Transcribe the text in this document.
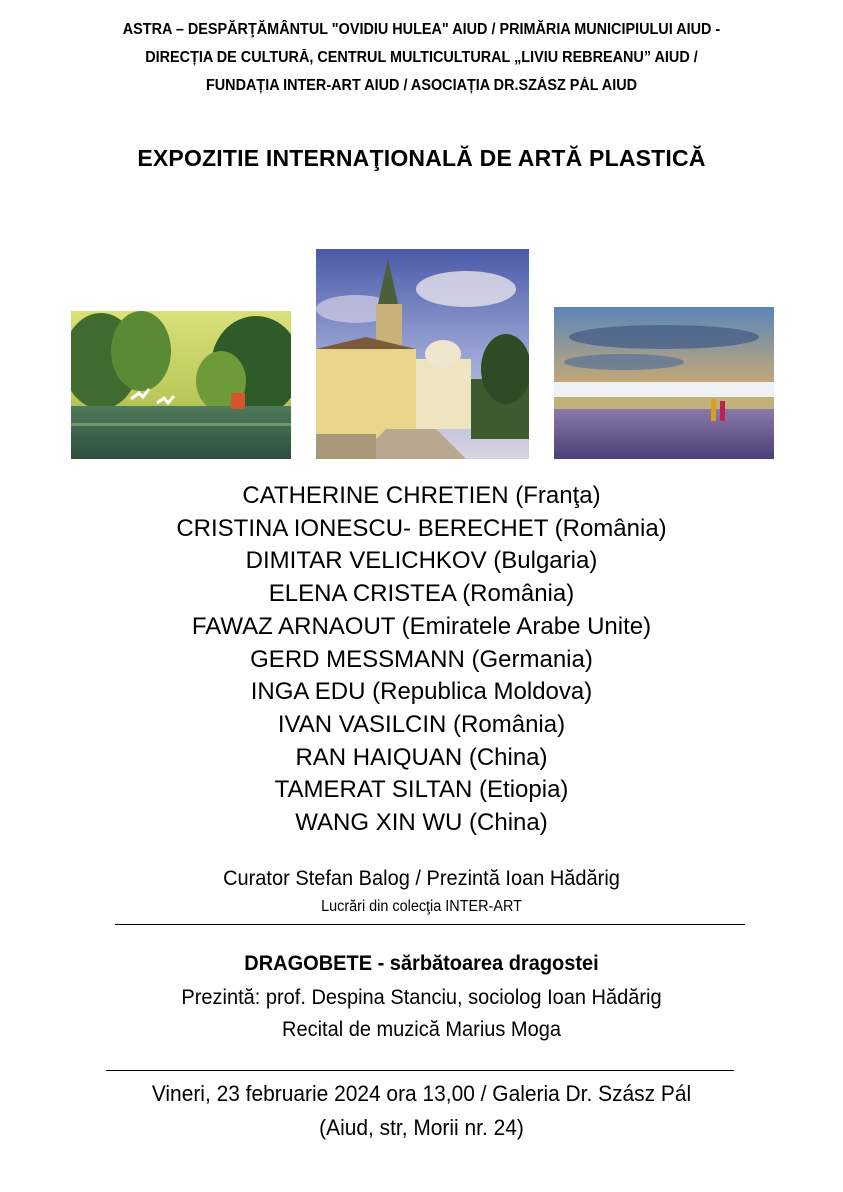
ASTRA – DESPĂRŢĂMÂNTUL "OVIDIU HULEA" AIUD / PRIMĂRIA MUNICIPIULUI AIUD -
DIRECȚIA DE CULTURĂ, CENTRUL MULTICULTURAL „LIVIU REBREANU” AIUD /
FUNDAȚIA INTER-ART AIUD / ASOCIAȚIA DR.SZÁSZ PÁL AIUD
EXPOZITIE INTERNAŢIONALĂ DE ARTĂ PLASTICĂ
CATHERINE CHRETIEN (Franţa)
CRISTINA IONESCU- BERECHET (România)
DIMITAR VELICHKOV (Bulgaria)
ELENA CRISTEA (România)
FAWAZ ARNAOUT (Emiratele Arabe Unite)
GERD MESSMANN (Germania)
INGA EDU (Republica Moldova)
IVAN VASILCIN (România)
RAN HAIQUAN (China)
TAMERAT SILTAN (Etiopia)
WANG XIN WU (China)
Curator Stefan Balog / Prezintă Ioan Hădărig
Lucrări din colecţia INTER-ART
DRAGOBETE - sărbătoarea dragostei
Prezintă: prof. Despina Stanciu, sociolog Ioan Hădărig
Recital de muzică Marius Moga
Vineri, 23 februarie 2024 ora 13,00 / Galeria Dr. Szász Pál
(Aiud, str, Morii nr. 24)
